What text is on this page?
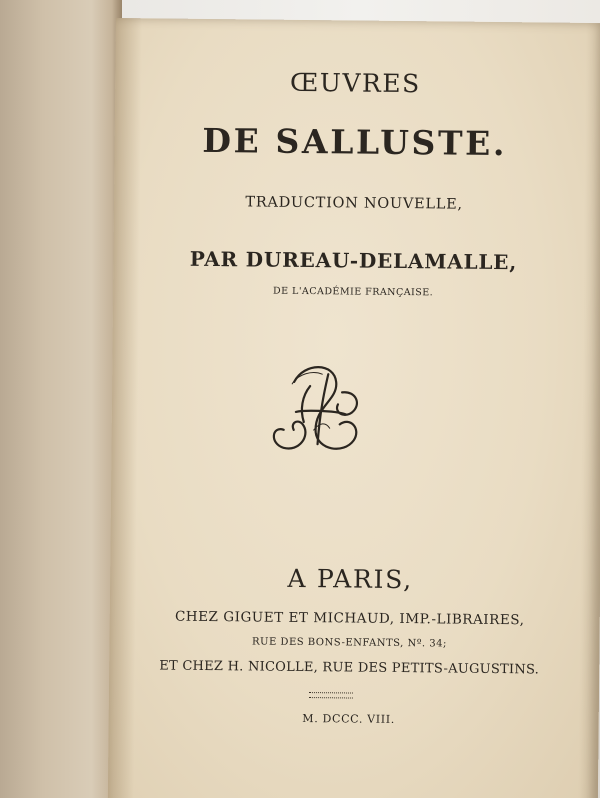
ŒUVRES
DE SALLUSTE.
TRADUCTION NOUVELLE,
PAR DUREAU-DELAMALLE,
DE L'ACADÉMIE FRANÇAISE.
A PARIS,
CHEZ GIGUET ET MICHAUD, IMP.-LIBRAIRES,
RUE DES BONS-ENFANTS, Nº. 34;
ET CHEZ H. NICOLLE, RUE DES PETITS-AUGUSTINS.
M. DCCC. VIII.
